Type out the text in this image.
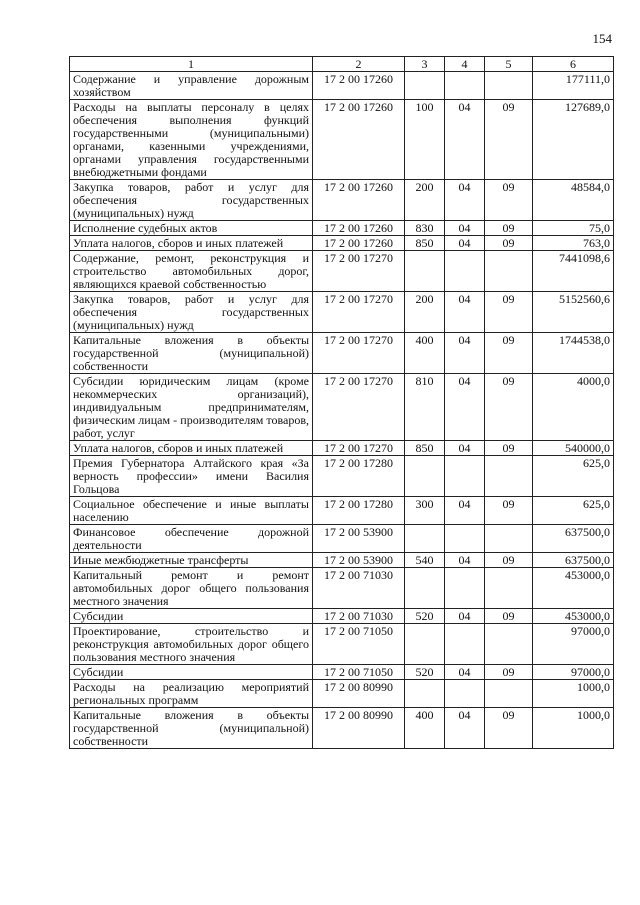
154
1	2	3	4	5	6
Содержание и управление дорожным хозяйством	17 2 00 17260				177111,0
Расходы на выплаты персоналу в целях обеспечения выполнения функций государственными (муниципальными) органами, казенными учреждениями, органами управления государственными внебюджетными фондами	17 2 00 17260	100	04	09	127689,0
Закупка товаров, работ и услуг для обеспечения государственных (муниципальных) нужд	17 2 00 17260	200	04	09	48584,0
Исполнение судебных актов	17 2 00 17260	830	04	09	75,0
Уплата налогов, сборов и иных платежей	17 2 00 17260	850	04	09	763,0
Содержание, ремонт, реконструкция и строительство автомобильных дорог, являющихся краевой собственностью	17 2 00 17270				7441098,6
Закупка товаров, работ и услуг для обеспечения государственных (муниципальных) нужд	17 2 00 17270	200	04	09	5152560,6
Капитальные вложения в объекты государственной (муниципальной) собственности	17 2 00 17270	400	04	09	1744538,0
Субсидии юридическим лицам (кроме некоммерческих организаций), индивидуальным предпринимателям, физическим лицам - производителям товаров, работ, услуг	17 2 00 17270	810	04	09	4000,0
Уплата налогов, сборов и иных платежей	17 2 00 17270	850	04	09	540000,0
Премия Губернатора Алтайского края «За верность профессии» имени Василия Гольцова	17 2 00 17280				625,0
Социальное обеспечение и иные выплаты населению	17 2 00 17280	300	04	09	625,0
Финансовое обеспечение дорожной деятельности	17 2 00 53900				637500,0
Иные межбюджетные трансферты	17 2 00 53900	540	04	09	637500,0
Капитальный ремонт и ремонт автомобильных дорог общего пользования местного значения	17 2 00 71030				453000,0
Субсидии	17 2 00 71030	520	04	09	453000,0
Проектирование, строительство и реконструкция автомобильных дорог общего пользования местного значения	17 2 00 71050				97000,0
Субсидии	17 2 00 71050	520	04	09	97000,0
Расходы на реализацию мероприятий региональных программ	17 2 00 80990				1000,0
Капитальные вложения в объекты государственной (муниципальной) собственности	17 2 00 80990	400	04	09	1000,0
